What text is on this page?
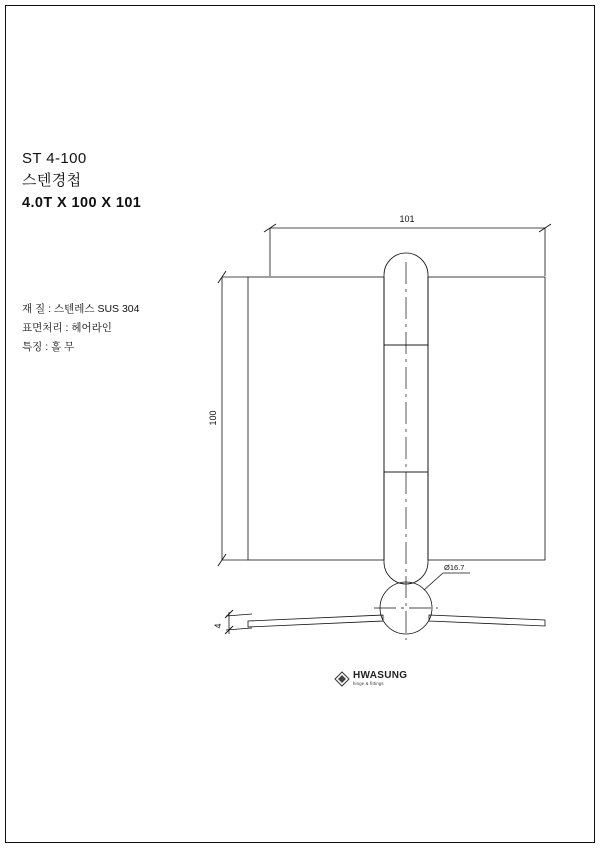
ST 4-100
스텐경첩
4.0T X 100 X 101
재 질 : 스텐레스 SUS 304
표면처리 : 헤어라인
특징 : 홀 무
101
100
4
Ø16.7
HWASUNG
hinge & fittings
